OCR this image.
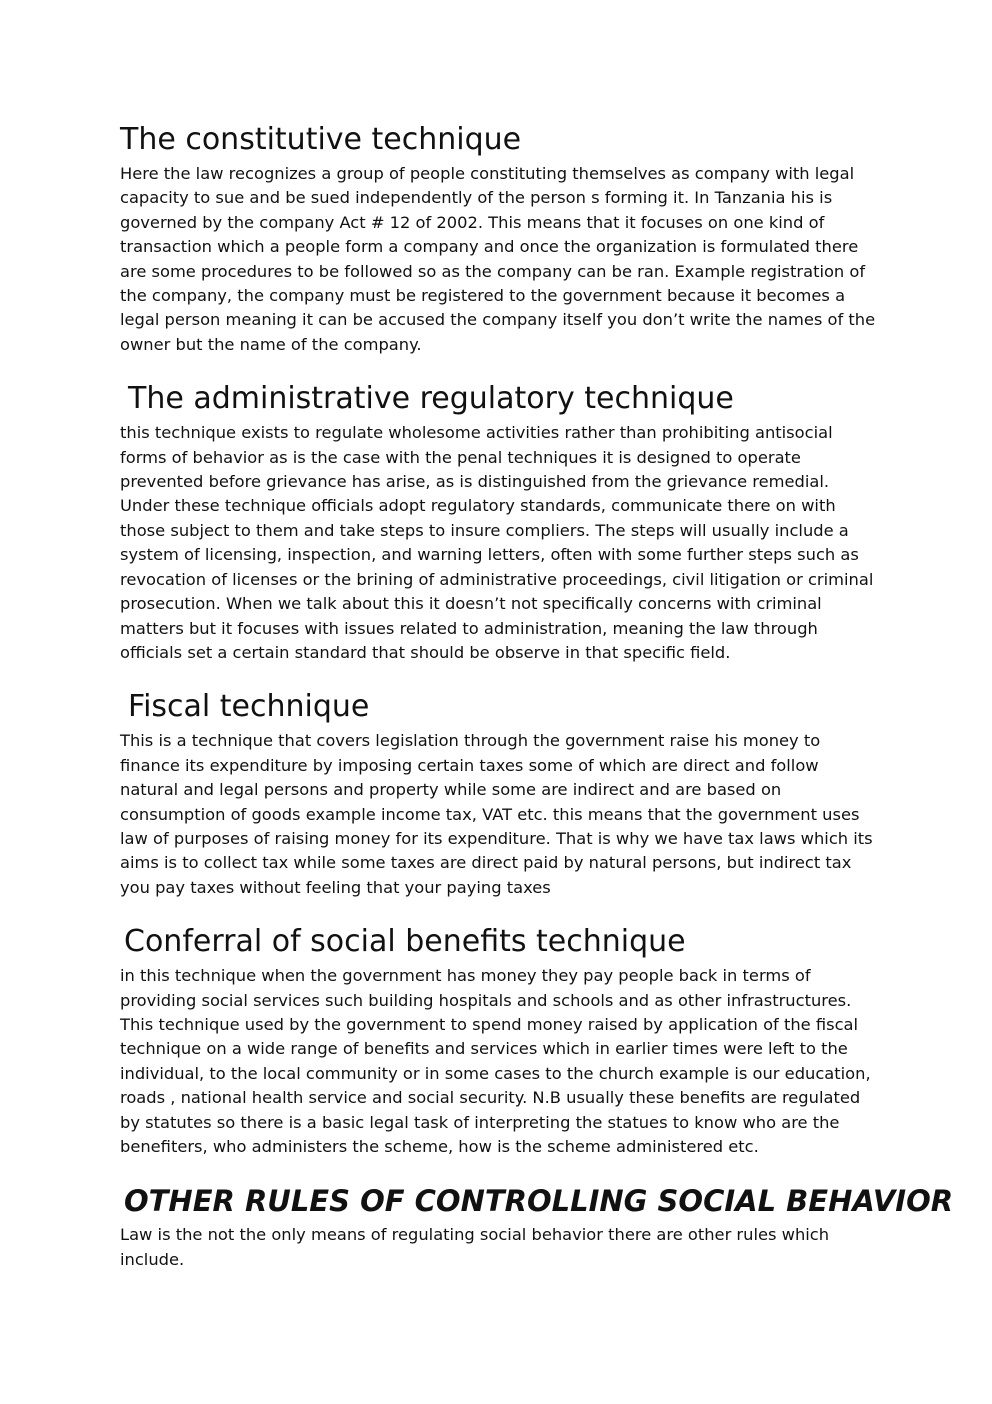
The constitutive technique

Here the law recognizes a group of people constituting themselves as company with legal capacity to sue and be sued independently of the person s forming it. In Tanzania his is governed by the company Act # 12 of 2002. This means that it focuses on one kind of transaction which a people form a company and once the organization is formulated there are some procedures to be followed so as the company can be ran. Example registration of the company, the company must be registered to the government because it becomes a legal person meaning it can be accused the company itself you don’t write the names of the owner but the name of the company.

The administrative regulatory technique

this technique exists to regulate wholesome activities rather than prohibiting antisocial forms of behavior as is the case with the penal techniques it is designed to operate prevented before grievance has arise, as is distinguished from the grievance remedial. Under these technique officials adopt regulatory standards, communicate there on with those subject to them and take steps to insure compliers. The steps will usually include a system of licensing, inspection, and warning letters, often with some further steps such as revocation of licenses or the brining of administrative proceedings, civil litigation or criminal prosecution. When we talk about this it doesn’t not specifically concerns with criminal matters but it focuses with issues related to administration, meaning the law through officials set a certain standard that should be observe in that specific field.

Fiscal technique

This is a technique that covers legislation through the government raise his money to finance its expenditure by imposing certain taxes some of which are direct and follow natural and legal persons and property while some are indirect and are based on consumption of goods example income tax, VAT etc. this means that the government uses law of purposes of raising money for its expenditure. That is why we have tax laws which its aims is to collect tax while some taxes are direct paid by natural persons, but indirect tax you pay taxes without feeling that your paying taxes

Conferral of social benefits technique

in this technique when the government has money they pay people back in terms of providing social services such building hospitals and schools and as other infrastructures. This technique used by the government to spend money raised by application of the fiscal technique on a wide range of benefits and services which in earlier times were left to the individual, to the local community or in some cases to the church example is our education, roads , national health service and social security. N.B usually these benefits are regulated by statutes so there is a basic legal task of interpreting the statues to know who are the benefiters, who administers the scheme, how is the scheme administered etc.

OTHER RULES OF CONTROLLING SOCIAL BEHAVIOR

Law is the not the only means of regulating social behavior there are other rules which include.
